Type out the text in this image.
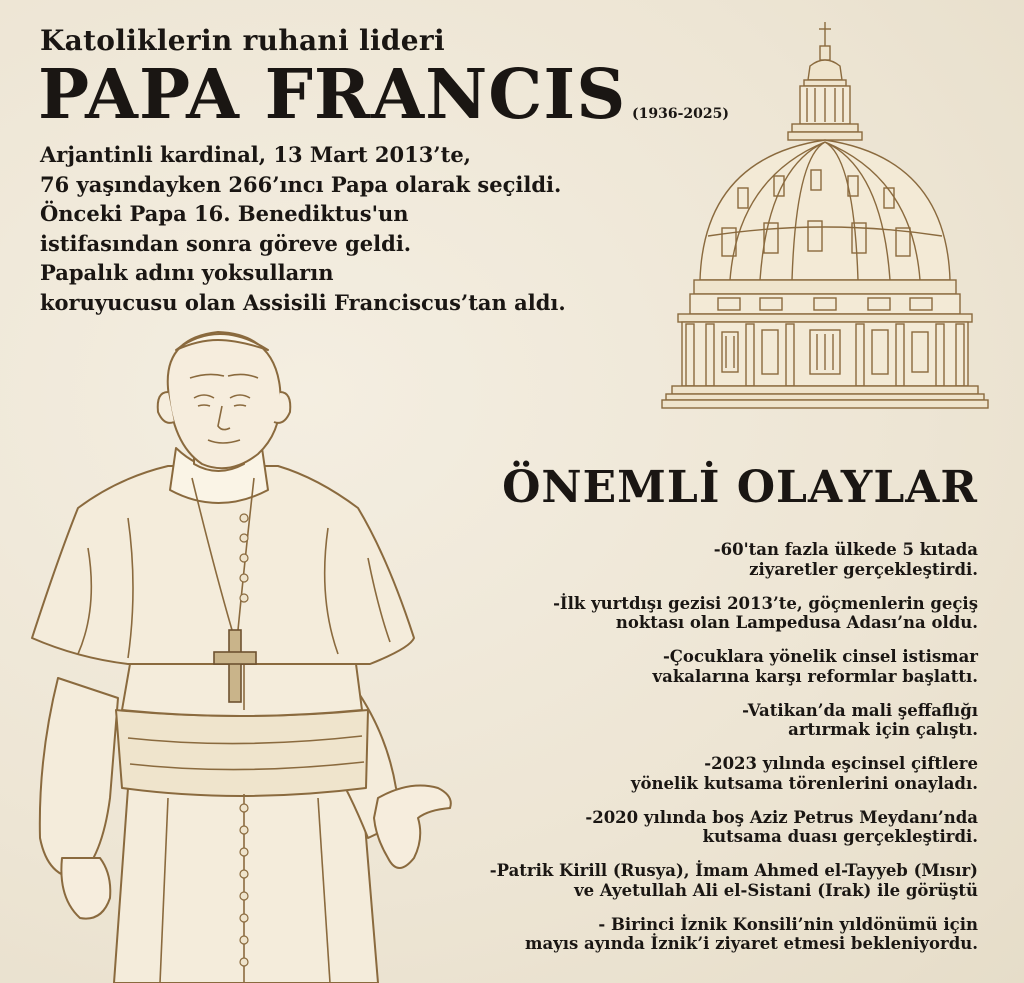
Katoliklerin ruhani lideri
PAPA FRANCIS (1936-2025)
Arjantinli kardinal, 13 Mart 2013’te,
76 yaşındayken 266’ıncı Papa olarak seçildi.
Önceki Papa 16. Benediktus'un
istifasından sonra göreve geldi.
Papalık adını yoksulların
koruyucusu olan Assisili Franciscus’tan aldı.
ÖNEMLİ OLAYLAR
-60'tan fazla ülkede 5 kıtada
ziyaretler gerçekleştirdi.
-İlk yurtdışı gezisi 2013’te, göçmenlerin geçiş
noktası olan Lampedusa Adası’na oldu.
-Çocuklara yönelik cinsel istismar
vakalarına karşı reformlar başlattı.
-Vatikan’da mali şeffaflığı
artırmak için çalıştı.
-2023 yılında eşcinsel çiftlere
yönelik kutsama törenlerini onayladı.
-2020 yılında boş Aziz Petrus Meydanı’nda
kutsama duası gerçekleştirdi.
-Patrik Kirill (Rusya), İmam Ahmed el-Tayyeb (Mısır)
ve Ayetullah Ali el-Sistani (Irak) ile görüştü
- Birinci İznik Konsili’nin yıldönümü için
mayıs ayında İznik’i ziyaret etmesi bekleniyordu.
